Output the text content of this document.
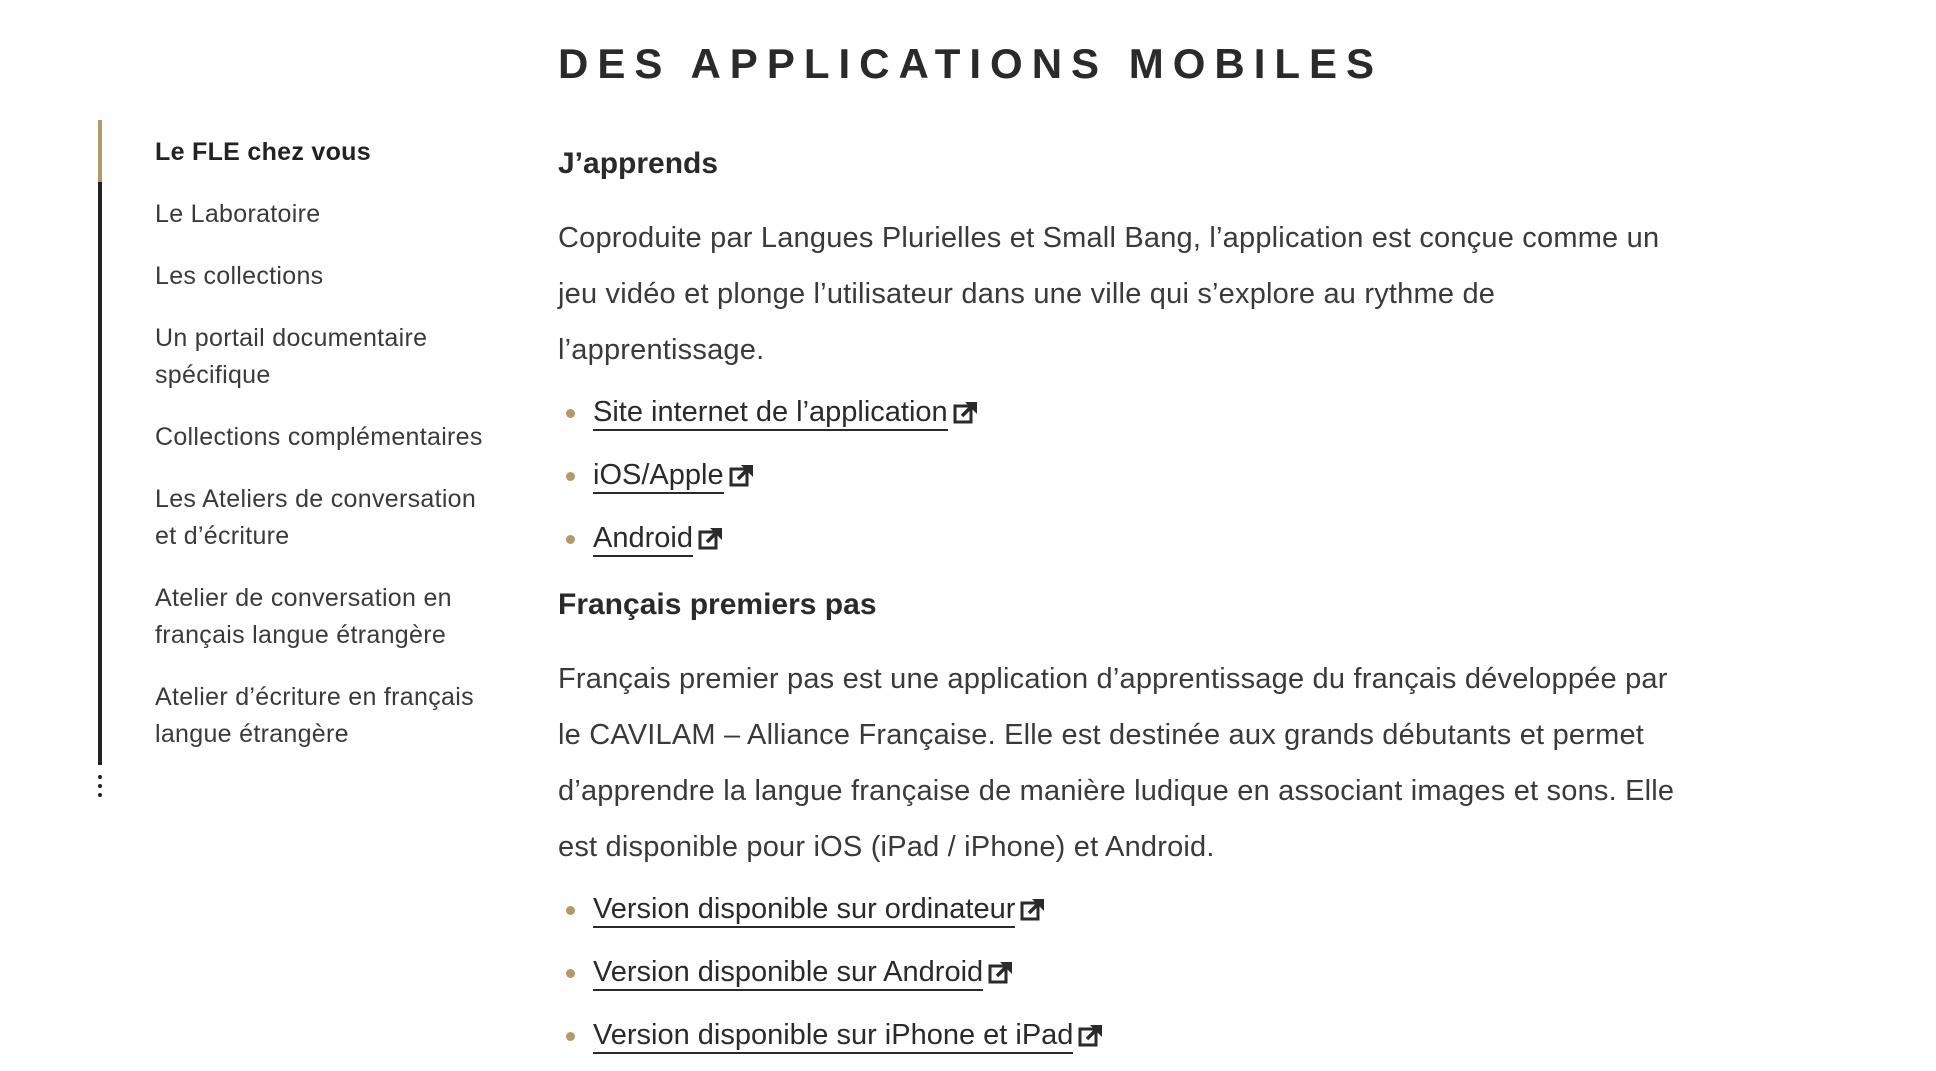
Le FLE chez vous
Le Laboratoire
Les collections
Un portail documentaire spécifique
Collections complémentaires
Les Ateliers de conversation et d’écriture
Atelier de conversation en français langue étrangère
Atelier d’écriture en français langue étrangère
DES APPLICATIONS MOBILES
J’apprends

Coproduite par Langues Plurielles et Small Bang, l’application est conçue comme un jeu vidéo et plonge l’utilisateur dans une ville qui s’explore au rythme de l’apprentissage.

Site internet de l’application
iOS/Apple
Android
Français premiers pas

Français premier pas est une application d’apprentissage du français développée par le CAVILAM – Alliance Française. Elle est destinée aux grands débutants et permet d’apprendre la langue française de manière ludique en associant images et sons. Elle est disponible pour iOS (iPad / iPhone) et Android.

Version disponible sur ordinateur
Version disponible sur Android
Version disponible sur iPhone et iPad
